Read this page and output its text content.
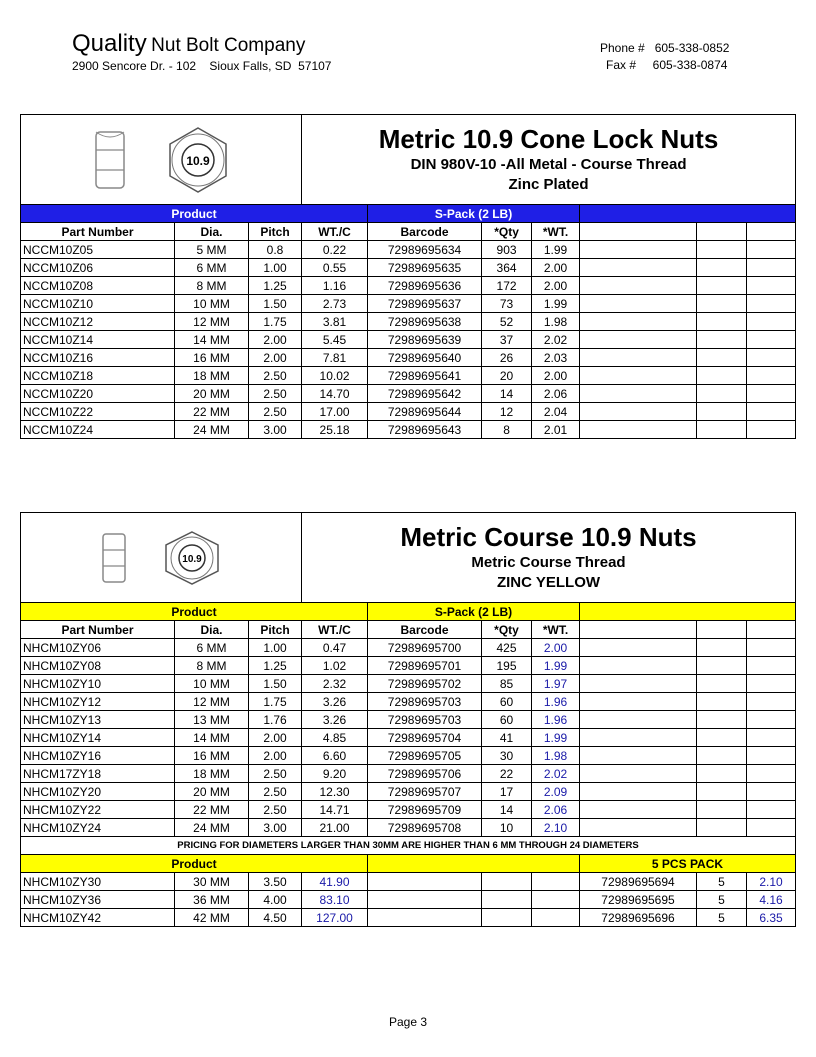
Quality Nut Bolt Company
2900 Sencore Dr. - 102    Sioux Falls, SD  57107
Phone #   605-338-0852
Fax #     605-338-0874
10.9			Metric 10.9 Cone Lock Nuts
DIN 980V-10 -All Metal - Course Thread
Zinc Plated						

Product				S-Pack (2 LB)					
Part Number	Dia.	Pitch	WT./C	Barcode	*Qty	*WT.			
NCCM10Z05	5 MM	0.8	0.22	72989695634	903	1.99			
NCCM10Z06	6 MM	1.00	0.55	72989695635	364	2.00			
NCCM10Z08	8 MM	1.25	1.16	72989695636	172	2.00			
NCCM10Z10	10 MM	1.50	2.73	72989695637	73	1.99			
NCCM10Z12	12 MM	1.75	3.81	72989695638	52	1.98			
NCCM10Z14	14 MM	2.00	5.45	72989695639	37	2.02			
NCCM10Z16	16 MM	2.00	7.81	72989695640	26	2.03			
NCCM10Z18	18 MM	2.50	10.02	72989695641	20	2.00			
NCCM10Z20	20 MM	2.50	14.70	72989695642	14	2.06			
NCCM10Z22	22 MM	2.50	17.00	72989695644	12	2.04			
NCCM10Z24	24 MM	3.00	25.18	72989695643	8	2.01			
10.9			Metric Course 10.9 Nuts
Metric Course Thread
ZINC YELLOW						

Product				S-Pack (2 LB)					
Part Number	Dia.	Pitch	WT./C	Barcode	*Qty	*WT.			
NHCM10ZY06	6 MM	1.00	0.47	72989695700	425	2.00			
NHCM10ZY08	8 MM	1.25	1.02	72989695701	195	1.99			
NHCM10ZY10	10 MM	1.50	2.32	72989695702	85	1.97			
NHCM10ZY12	12 MM	1.75	3.26	72989695703	60	1.96			
NHCM10ZY13	13 MM	1.76	3.26	72989695703	60	1.96			
NHCM10ZY14	14 MM	2.00	4.85	72989695704	41	1.99			
NHCM10ZY16	16 MM	2.00	6.60	72989695705	30	1.98			
NHCM17ZY18	18 MM	2.50	9.20	72989695706	22	2.02			
NHCM10ZY20	20 MM	2.50	12.30	72989695707	17	2.09			
NHCM10ZY22	22 MM	2.50	14.71	72989695709	14	2.06			
NHCM10ZY24	24 MM	3.00	21.00	72989695708	10	2.10			
PRICING FOR DIAMETERS LARGER THAN 30MM ARE HIGHER THAN 6 MM THROUGH 24 DIAMETERS									
Product							5 PCS PACK		
NHCM10ZY30	30 MM	3.50	41.90				72989695694	5	2.10
NHCM10ZY36	36 MM	4.00	83.10				72989695695	5	4.16
NHCM10ZY42	42 MM	4.50	127.00				72989695696	5	6.35
Page 3
